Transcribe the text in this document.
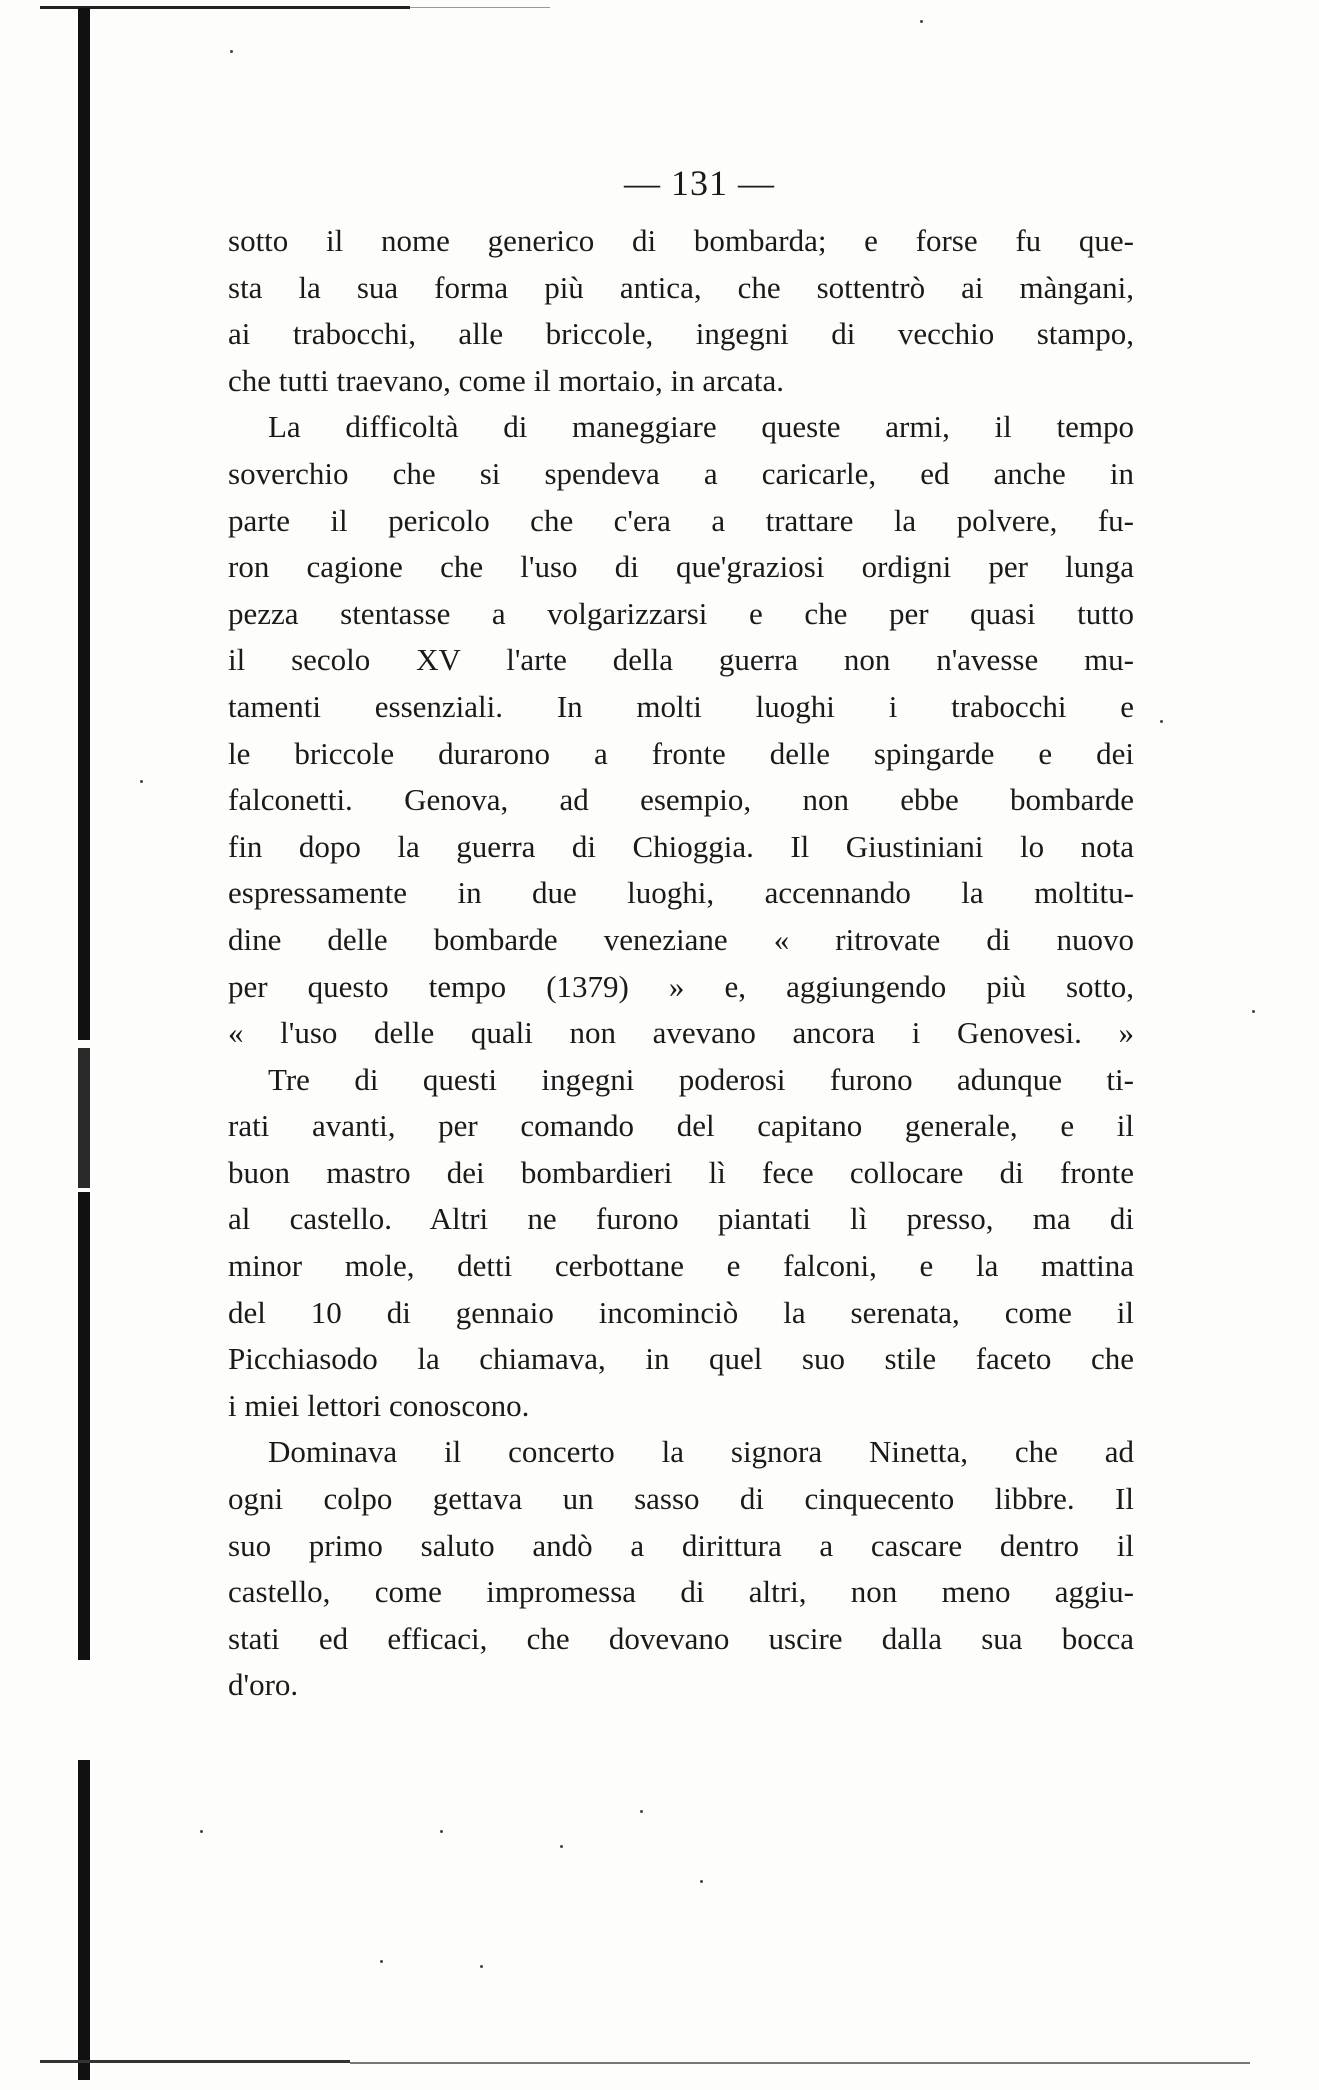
— 131 —
sotto il nome generico di bombarda; e forse fu que-
sta la sua forma più antica, che sottentrò ai màngani,
ai trabocchi, alle briccole, ingegni di vecchio stampo,
che tutti traevano, come il mortaio, in arcata.
La difficoltà di maneggiare queste armi, il tempo
soverchio che si spendeva a caricarle, ed anche in
parte il pericolo che c'era a trattare la polvere, fu-
ron cagione che l'uso di que'graziosi ordigni per lunga
pezza stentasse a volgarizzarsi e che per quasi tutto
il secolo XV l'arte della guerra non n'avesse mu-
tamenti essenziali. In molti luoghi i trabocchi e
le briccole durarono a fronte delle spingarde e dei
falconetti. Genova, ad esempio, non ebbe bombarde
fin dopo la guerra di Chioggia. Il Giustiniani lo nota
espressamente in due luoghi, accennando la moltitu-
dine delle bombarde veneziane « ritrovate di nuovo
per questo tempo (1379) » e, aggiungendo più sotto,
« l'uso delle quali non avevano ancora i Genovesi. »
Tre di questi ingegni poderosi furono adunque ti-
rati avanti, per comando del capitano generale, e il
buon mastro dei bombardieri lì fece collocare di fronte
al castello. Altri ne furono piantati lì presso, ma di
minor mole, detti cerbottane e falconi, e la mattina
del 10 di gennaio incominciò la serenata, come il
Picchiasodo la chiamava, in quel suo stile faceto che
i miei lettori conoscono.
Dominava il concerto la signora Ninetta, che ad
ogni colpo gettava un sasso di cinquecento libbre. Il
suo primo saluto andò a dirittura a cascare dentro il
castello, come impromessa di altri, non meno aggiu-
stati ed efficaci, che dovevano uscire dalla sua bocca
d'oro.
